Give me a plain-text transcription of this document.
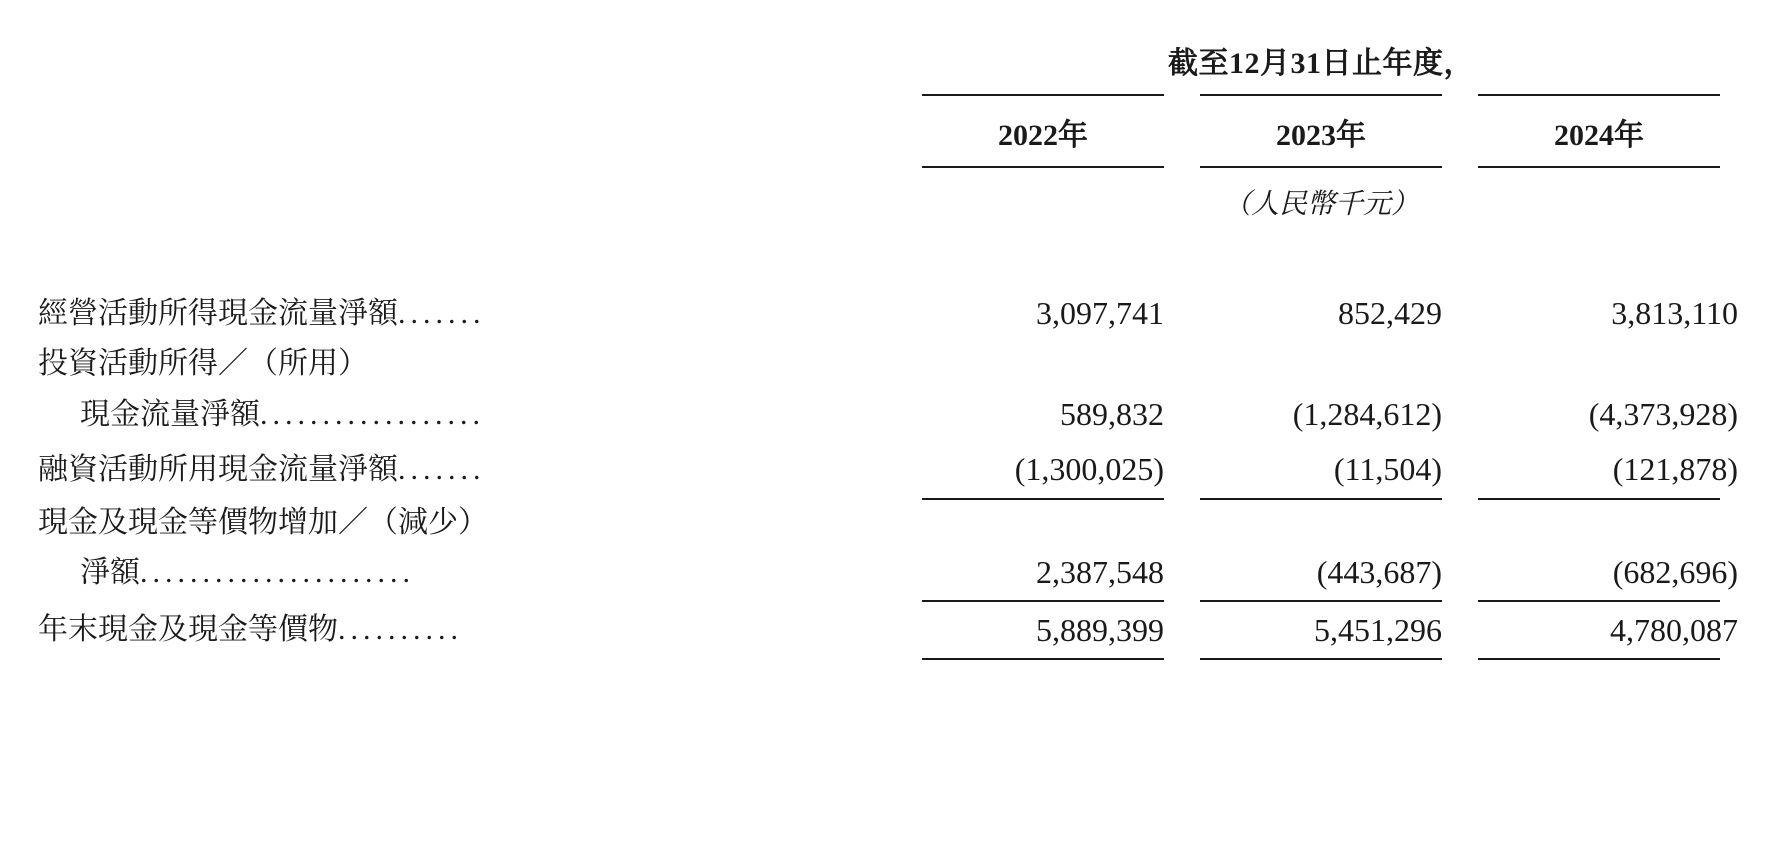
	截至12月31日止年度，		

	2022年	2023年	2024年

	（人民幣千元）		

經營活動所得現金流量淨額.......	3,097,741	852,429	3,813,110
投資活動所得／（所用）			
現金流量淨額..................	589,832	(1,284,612)	(4,373,928)
融資活動所用現金流量淨額.......	(1,300,025)	(11,504)	(121,878)

現金及現金等價物增加／（減少）			
淨額......................	2,387,548	(443,687)	(682,696)

年末現金及現金等價物..........	5,889,399	5,451,296	4,780,087
